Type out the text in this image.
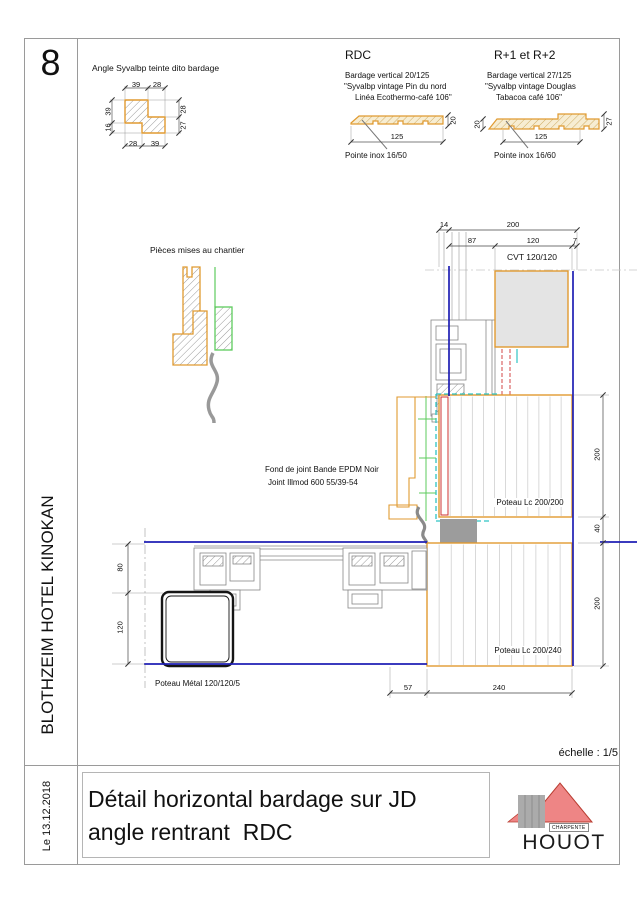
8
BLOTHZEIM HOTEL KINOKAN
Le 13.12.2018
échelle : 1/5
Détail horizontal bardage sur JD
angle rentrant  RDC	CHARPENTE
HOUOT
Angle Syvalbp teinte dito bardage
39	28
39
16
28
27
28	39
RDC
Bardage vertical 20/125
"Syvalbp vintage Pin du nord
Linéa Ecothermo-café 106"
125
20
Pointe inox 16/50
R+1 et R+2
Bardage vertical 27/125
"Syvalbp vintage Douglas
Tabacoa café 106"
125
20	27
Pointe inox 16/60
Pièces mises au chantier
Fond de joint Bande EPDM Noir
Joint Illmod 600 55/39-54
CVT 120/120
Poteau Lc 200/200
Poteau Lc 200/240
Poteau Métal 120/120/5
14	200
87	120	7
200
40
200
57	240
80
120
